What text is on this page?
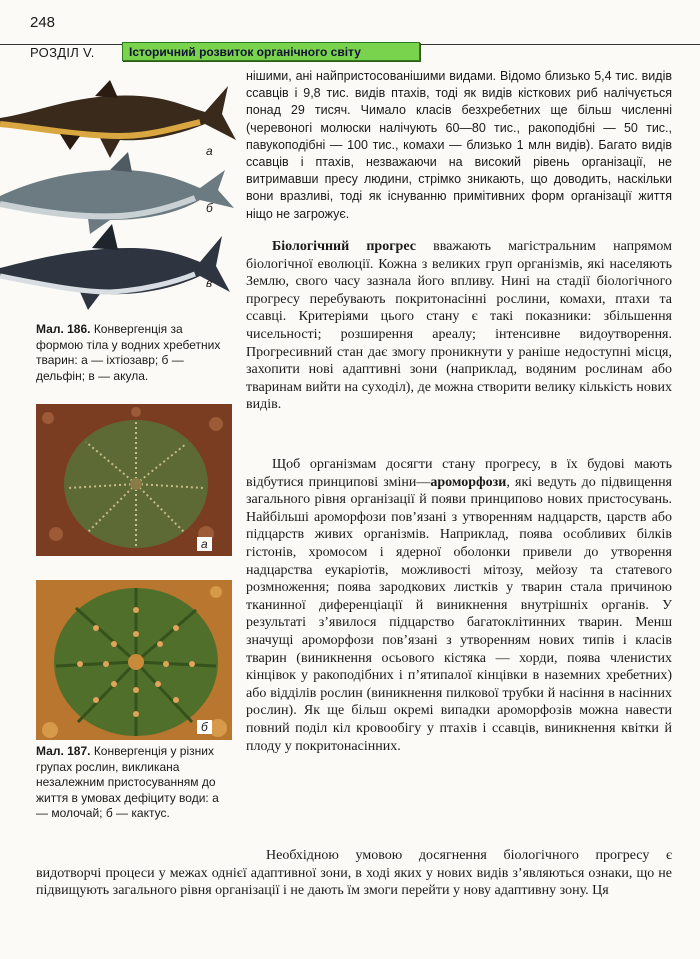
248
РОЗДІЛ V.	Історичний розвиток органічного світу
а
б
в
Мал. 186. Конвергенція за формою тіла у водних хребетних тварин: а — іхтіозавр; б — дельфін; в — акула.
а
б
Мал. 187. Конвергенція у різних групах рослин, викликана незалежним пристосуванням до життя в умовах дефіциту води: а — молочай; б — кактус.
нішими, ані найпристосованішими видами. Відомо близько 5,4 тис. видів ссавців і 9,8 тис. видів птахів, тоді як видів кісткових риб налічується понад 29 тисяч. Чимало класів безхребетних ще більш численні (черевоногі молюски налічують 60—80 тис., ракоподібні — 50 тис., павукоподібні — 100 тис., комахи — близько 1 млн видів). Багато видів ссавців і птахів, незважаючи на високий рівень організації, не витримавши пресу людини, стрімко зникають, що доводить, наскільки вони вразливі, тоді як існуванню примітивних форм організації життя ніщо не загрожує.
Біологічний прогрес вважають магістральним напрямом біологічної еволюції. Кожна з великих груп організмів, які населяють Землю, свого часу зазнала його впливу. Нині на стадії біологічного прогресу перебувають покритонасінні рослини, комахи, птахи та ссавці. Критеріями цього стану є такі показники: збільшення чисельності; розширення ареалу; інтенсивне видоутворення. Прогресивний стан дає змогу проникнути у раніше недоступні місця, захопити нові адаптивні зони (наприклад, водяним рослинам або тваринам вийти на суходіл), де можна створити велику кількість нових видів.
Щоб організмам досягти стану прогресу, в їх будові мають відбутися принципові зміни—ароморфози, які ведуть до підвищення загального рівня організації й появи принципово нових пристосувань. Найбільші ароморфози пов’язані з утворенням надцарств, царств або підцарств живих організмів. Наприклад, поява особливих білків гістонів, хромосом і ядерної оболонки привели до утворення надцарства еукаріотів, можливості мітозу, мейозу та статевого розмноження; поява зародкових листків у тварин стала причиною тканинної диференціації й виникнення внутрішніх органів. У результаті з’явилося підцарство багатоклітинних тварин. Менш значущі ароморфози пов’язані з утворенням нових типів і класів тварин (виникнення осьового кістяка — хорди, поява членистих кінцівок у ракоподібних і п’ятипалої кінцівки в наземних хребетних) або відділів рослин (виникнення пилкової трубки й насіння в насінних рослин). Як ще більш окремі випадки ароморфозів можна навести повний поділ кіл кровообігу у птахів і ссавців, виникнення квітки й плоду у покритонасінних.
Необхідною умовою досягнення біологічного прогресу є видотворчі процеси у межах однієї адаптивної зони, в ході яких у нових видів з’являються ознаки, що не підвищують загального рівня організації і не дають їм змоги перейти у нову адаптивну зону. Ця
